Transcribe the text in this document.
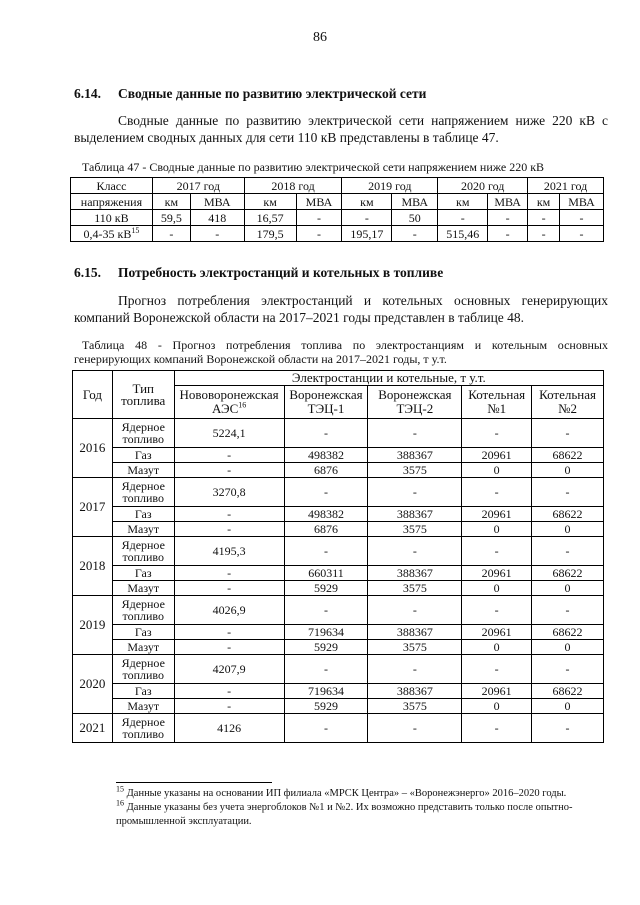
86
6.14. Сводные данные по развитию электрической сети
Сводные данные по развитию электрической сети напряжением ниже 220 кВ с выделением сводных данных для сети 110 кВ представлены в таблице 47.
Таблица 47 - Сводные данные по развитию электрической сети напряжением ниже 220 кВ
Класс	2017 год		2018 год		2019 год		2020 год		2021 год	
напряжения	км	МВА	км	МВА	км	МВА	км	МВА	км	МВА
110 кВ	59,5	418	16,57	-	-	50	-	-	-	-
0,4-35 $кВ^{15}$	-	-	179,5	-	195,17	-	515,46	-	-	-
6.15. Потребность электростанций и котельных в топливе
Прогноз потребления электростанций и котельных основных генерирующих компаний Воронежской области на 2017–2021 годы представлен в таблице 48.
Таблица 48 - Прогноз потребления топлива по электростанциям и котельным основных генерирующих компаний Воронежской области на 2017–2021 годы, т у.т.
Год	Тип топлива	Электростанции и котельные, т у.т.				
		Нововоронежская АЭС$^{16}$	Воронежская ТЭЦ-1	Воронежская ТЭЦ-2	Котельная №1	Котельная №2
2016	Ядерное топливо	5224,1	-	-	-	-
	Газ	-	498382	388367	20961	68622
	Мазут	-	6876	3575	0	0
2017	Ядерное топливо	3270,8	-	-	-	-
	Газ	-	498382	388367	20961	68622
	Мазут	-	6876	3575	0	0
2018	Ядерное топливо	4195,3	-	-	-	-
	Газ	-	660311	388367	20961	68622
	Мазут	-	5929	3575	0	0
2019	Ядерное топливо	4026,9	-	-	-	-
	Газ	-	719634	388367	20961	68622
	Мазут	-	5929	3575	0	0
2020	Ядерное топливо	4207,9	-	-	-	-
	Газ	-	719634	388367	20961	68622
	Мазут	-	5929	3575	0	0
2021	Ядерное топливо	4126	-	-	-	-
$^{15}$ Данные указаны на основании ИП филиала «МРСК Центра» – «Воронежэнерго» 2016–2020 годы.
$^{16}$ Данные указаны без учета энергоблоков №1 и №2. Их возможно представить только после опытно-промышленной эксплуатации.
